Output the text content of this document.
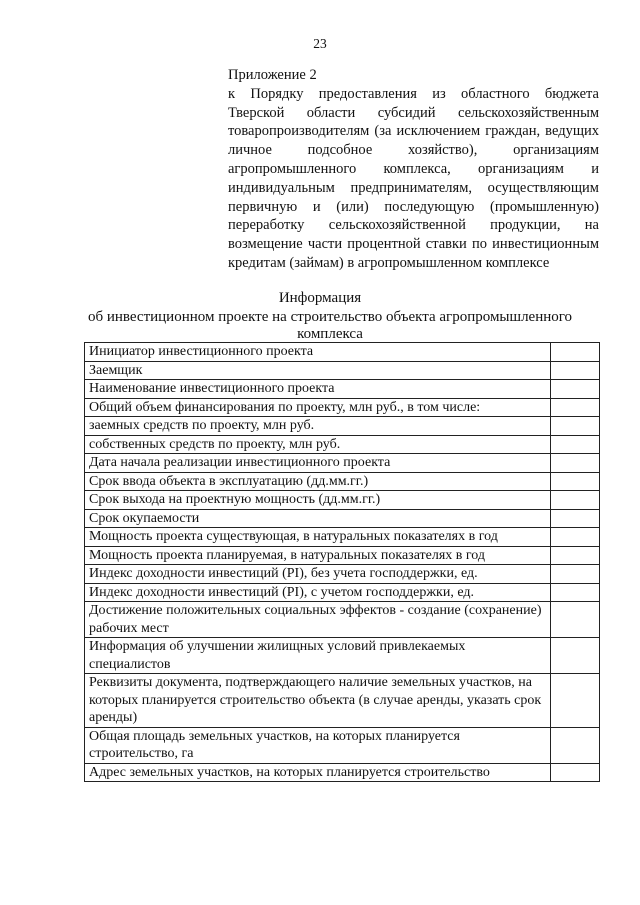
23
Приложение 2
к Порядку предоставления из областного бюджета Тверской области субсидий сельскохозяйственным товаропроизводителям (за исключением граждан, ведущих личное подсобное хозяйство), организациям агропромышленного комплекса, организациям и индивидуальным предпринимателям, осуществляющим первичную и (или) последующую (промышленную) переработку сельскохозяйственной продукции, на возмещение части процентной ставки по инвестиционным кредитам (займам) в агропромышленном комплексе
Информация
об инвестиционном проекте на строительство объекта агропромышленного комплекса
Инициатор инвестиционного проекта	
Заемщик	
Наименование инвестиционного проекта	
Общий объем финансирования по проекту, млн руб., в том числе:	
заемных средств по проекту, млн руб.	
собственных средств по проекту, млн руб.	
Дата начала реализации инвестиционного проекта	
Срок ввода объекта в эксплуатацию (дд.мм.гг.)	
Срок выхода на проектную мощность (дд.мм.гг.)	
Срок окупаемости	
Мощность проекта существующая, в натуральных показателях в год	
Мощность проекта планируемая, в натуральных показателях в год	
Индекс доходности инвестиций (PI), без учета господдержки, ед.	
Индекс доходности инвестиций (PI), с учетом господдержки, ед.	
Достижение положительных социальных эффектов - создание (сохранение) рабочих мест	
Информация об улучшении жилищных условий привлекаемых специалистов	
Реквизиты документа, подтверждающего наличие земельных участков, на которых планируется строительство объекта (в случае аренды, указать срок аренды)	
Общая площадь земельных участков, на которых планируется строительство, га	
Адрес земельных участков, на которых планируется строительство	
